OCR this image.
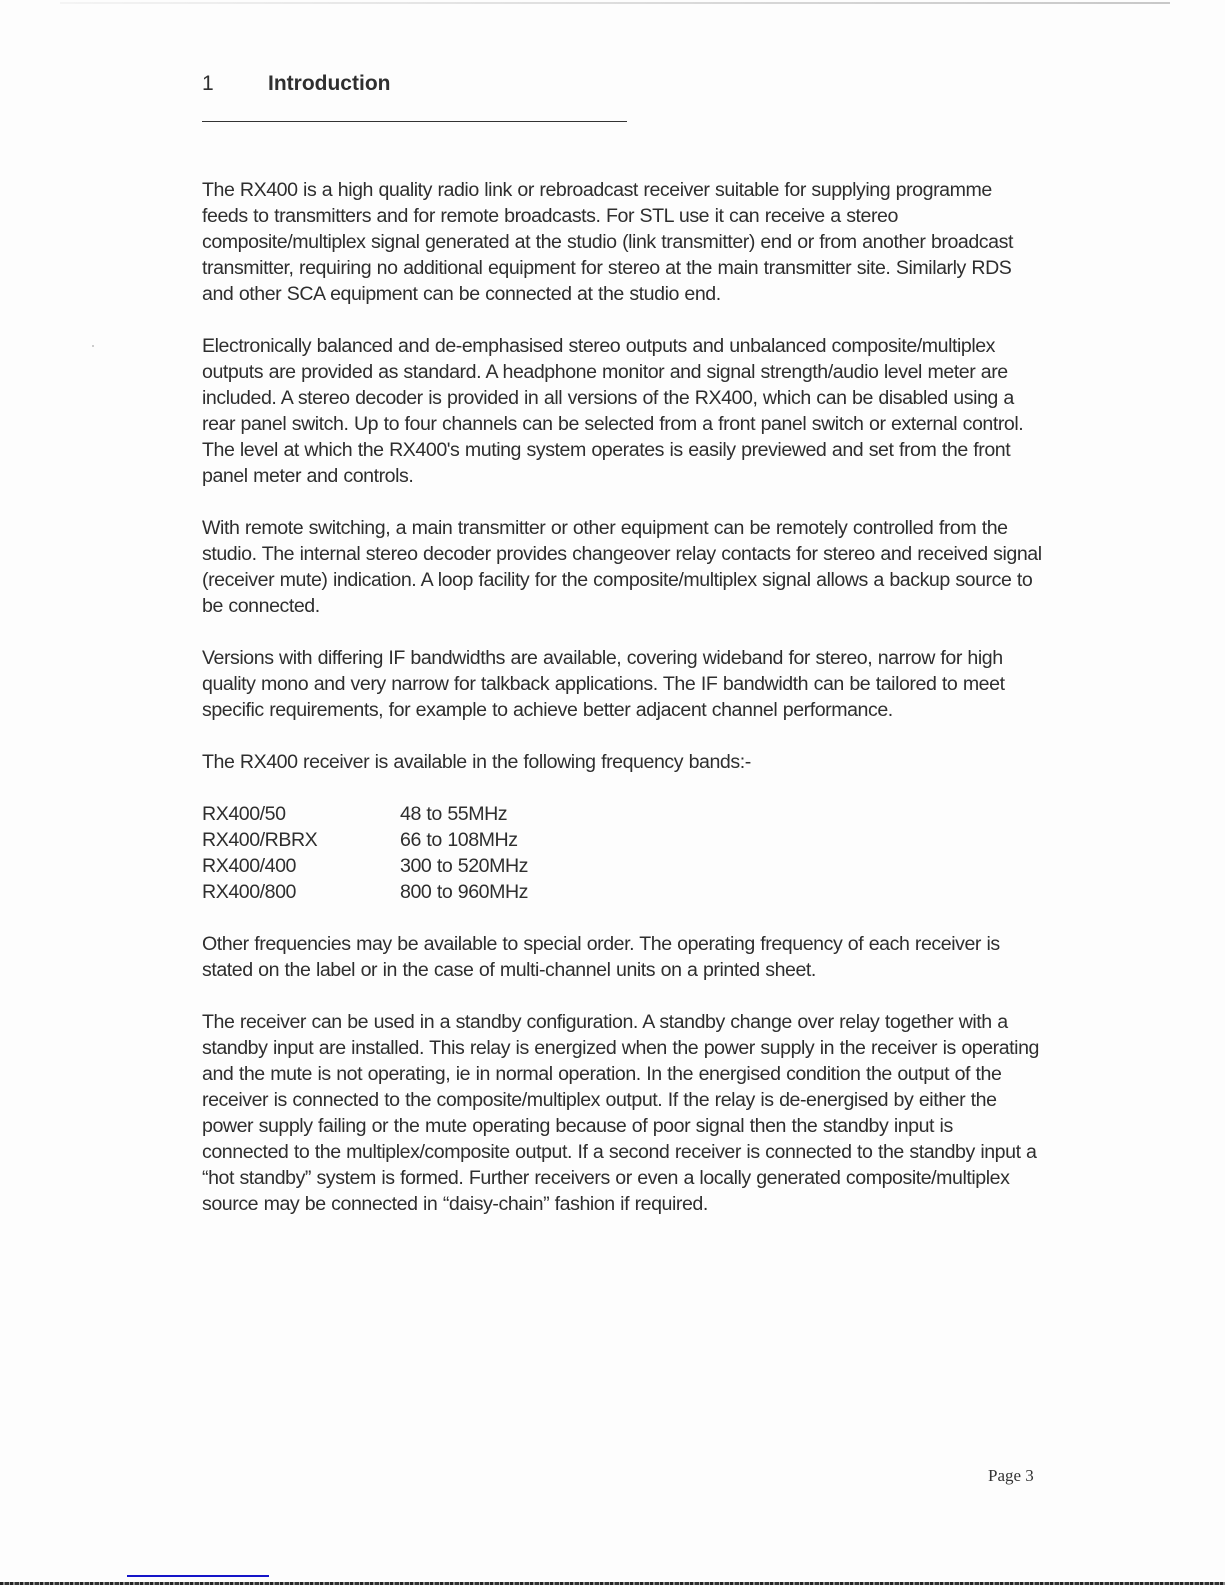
1	Introduction

The RX400 is a high quality radio link or rebroadcast receiver suitable for supplying programme feeds to transmitters and for remote broadcasts. For STL use it can receive a stereo composite/multiplex signal generated at the studio (link transmitter) end or from another broadcast transmitter, requiring no additional equipment for stereo at the main transmitter site. Similarly RDS and other SCA equipment can be connected at the studio end.

Electronically balanced and de-emphasised stereo outputs and unbalanced composite/multiplex outputs are provided as standard. A headphone monitor and signal strength/audio level meter are included. A stereo decoder is provided in all versions of the RX400, which can be disabled using a rear panel switch. Up to four channels can be selected from a front panel switch or external control. The level at which the RX400's muting system operates is easily previewed and set from the front panel meter and controls.

With remote switching, a main transmitter or other equipment can be remotely controlled from the studio. The internal stereo decoder provides changeover relay contacts for stereo and received signal (receiver mute) indication. A loop facility for the composite/multiplex signal allows a backup source to be connected.

Versions with differing IF bandwidths are available, covering wideband for stereo, narrow for high quality mono and very narrow for talkback applications. The IF bandwidth can be tailored to meet specific requirements, for example to achieve better adjacent channel performance.

The RX400 receiver is available in the following frequency bands:-

RX400/50	48 to 55MHz
RX400/RBRX	66 to 108MHz
RX400/400	300 to 520MHz
RX400/800	800 to 960MHz

Other frequencies may be available to special order. The operating frequency of each receiver is stated on the label or in the case of multi-channel units on a printed sheet.

The receiver can be used in a standby configuration. A standby change over relay together with a standby input are installed. This relay is energized when the power supply in the receiver is operating and the mute is not operating, ie in normal operation. In the energised condition the output of the receiver is connected to the composite/multiplex output. If the relay is de-energised by either the power supply failing or the mute operating because of poor signal then the standby input is connected to the multiplex/composite output. If a second receiver is connected to the standby input a “hot standby” system is formed. Further receivers or even a locally generated composite/multiplex source may be connected in “daisy-chain” fashion if required.

Page 3
